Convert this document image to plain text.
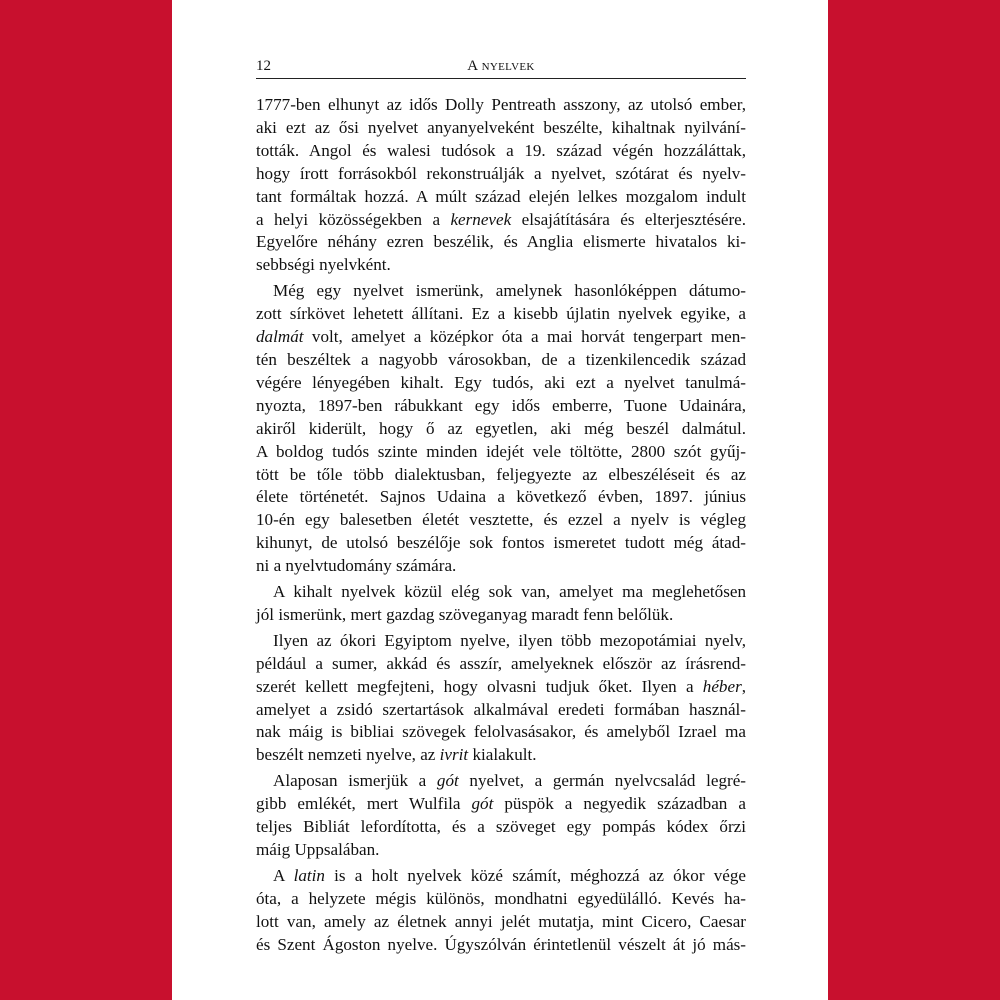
12	A nyelvek

1777-ben elhunyt az idős Dolly Pentreath asszony, az utolsó ember,
aki ezt az ősi nyelvet anyanyelveként beszélte, kihaltnak nyilvání-
tották. Angol és walesi tudósok a 19. század végén hozzáláttak,
hogy írott forrásokból rekonstruálják a nyelvet, szótárat és nyelv-
tant formáltak hozzá. A múlt század elején lelkes mozgalom indult
a helyi közösségekben a kernevek elsajátítására és elterjesztésére.
Egyelőre néhány ezren beszélik, és Anglia elismerte hivatalos ki-
sebbségi nyelvként.

Még egy nyelvet ismerünk, amelynek hasonlóképpen dátumo-
zott sírkövet lehetett állítani. Ez a kisebb újlatin nyelvek egyike, a
dalmát volt, amelyet a középkor óta a mai horvát tengerpart men-
tén beszéltek a nagyobb városokban, de a tizenkilencedik század
végére lényegében kihalt. Egy tudós, aki ezt a nyelvet tanulmá-
nyozta, 1897-ben rábukkant egy idős emberre, Tuone Udainára,
akiről kiderült, hogy ő az egyetlen, aki még beszél dalmátul.
A boldog tudós szinte minden idejét vele töltötte, 2800 szót gyűj-
tött be tőle több dialektusban, feljegyezte az elbeszéléseit és az
élete történetét. Sajnos Udaina a következő évben, 1897. június
10-én egy balesetben életét vesztette, és ezzel a nyelv is végleg
kihunyt, de utolsó beszélője sok fontos ismeretet tudott még átad-
ni a nyelvtudomány számára.

A kihalt nyelvek közül elég sok van, amelyet ma meglehetősen
jól ismerünk, mert gazdag szöveganyag maradt fenn belőlük.

Ilyen az ókori Egyiptom nyelve, ilyen több mezopotámiai nyelv,
például a sumer, akkád és asszír, amelyeknek először az írásrend-
szerét kellett megfejteni, hogy olvasni tudjuk őket. Ilyen a héber,
amelyet a zsidó szertartások alkalmával eredeti formában használ-
nak máig is bibliai szövegek felolvasásakor, és amelyből Izrael ma
beszélt nemzeti nyelve, az ivrit kialakult.

Alaposan ismerjük a gót nyelvet, a germán nyelvcsalád legré-
gibb emlékét, mert Wulfila gót püspök a negyedik században a
teljes Bibliát lefordította, és a szöveget egy pompás kódex őrzi
máig Uppsalában.

A latin is a holt nyelvek közé számít, méghozzá az ókor vége
óta, a helyzete mégis különös, mondhatni egyedülálló. Kevés ha-
lott van, amely az életnek annyi jelét mutatja, mint Cicero, Caesar
és Szent Ágoston nyelve. Úgyszólván érintetlenül vészelt át jó más-
